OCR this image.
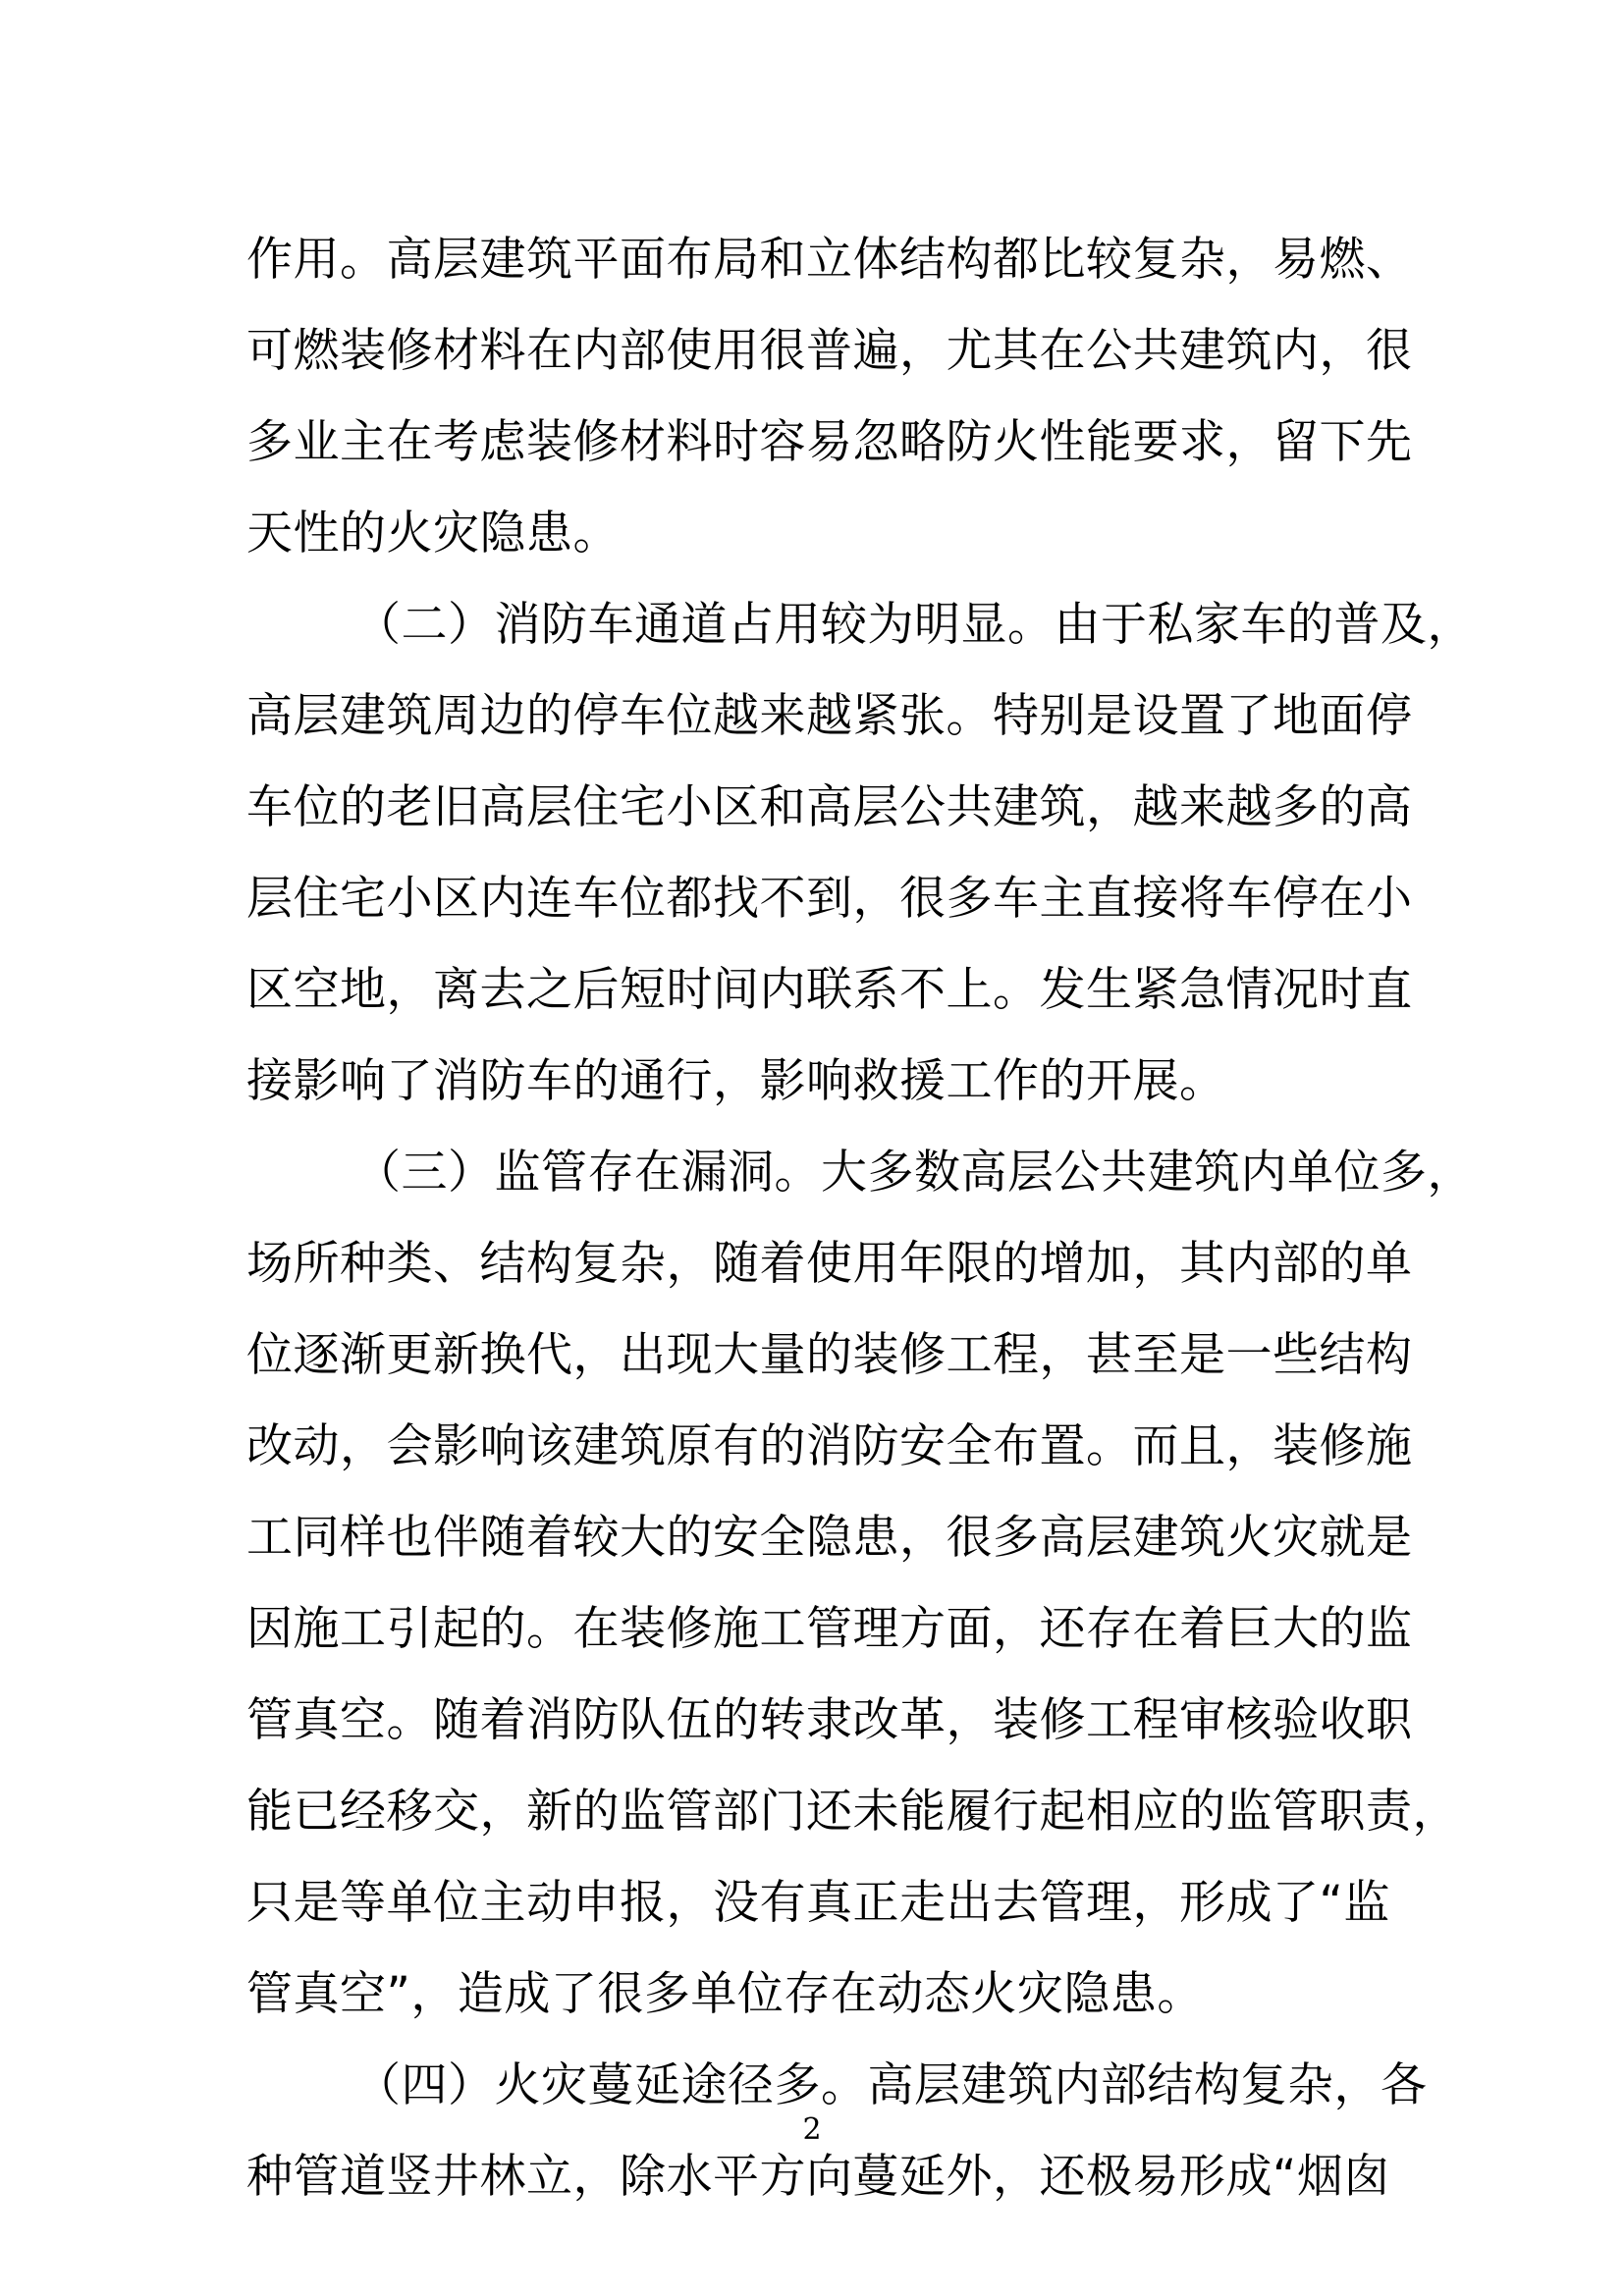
作用。高层建筑平面布局和立体结构都比较复杂，易燃、
可燃装修材料在内部使用很普遍，尤其在公共建筑内，很
多业主在考虑装修材料时容易忽略防火性能要求，留下先
天性的火灾隐患。
（二）消防车通道占用较为明显。由于私家车的普及，
高层建筑周边的停车位越来越紧张。特别是设置了地面停
车位的老旧高层住宅小区和高层公共建筑，越来越多的高
层住宅小区内连车位都找不到，很多车主直接将车停在小
区空地，离去之后短时间内联系不上。发生紧急情况时直
接影响了消防车的通行，影响救援工作的开展。
（三）监管存在漏洞。大多数高层公共建筑内单位多，
场所种类、结构复杂，随着使用年限的增加，其内部的单
位逐渐更新换代，出现大量的装修工程，甚至是一些结构
改动，会影响该建筑原有的消防安全布置。而且，装修施
工同样也伴随着较大的安全隐患，很多高层建筑火灾就是
因施工引起的。在装修施工管理方面，还存在着巨大的监
管真空。随着消防队伍的转隶改革，装修工程审核验收职
能已经移交，新的监管部门还未能履行起相应的监管职责，
只是等单位主动申报，没有真正走出去管理，形成了“监
管真空”，造成了很多单位存在动态火灾隐患。
（四）火灾蔓延途径多。高层建筑内部结构复杂，各
种管道竖井林立，除水平方向蔓延外，还极易形成“烟囱
2
